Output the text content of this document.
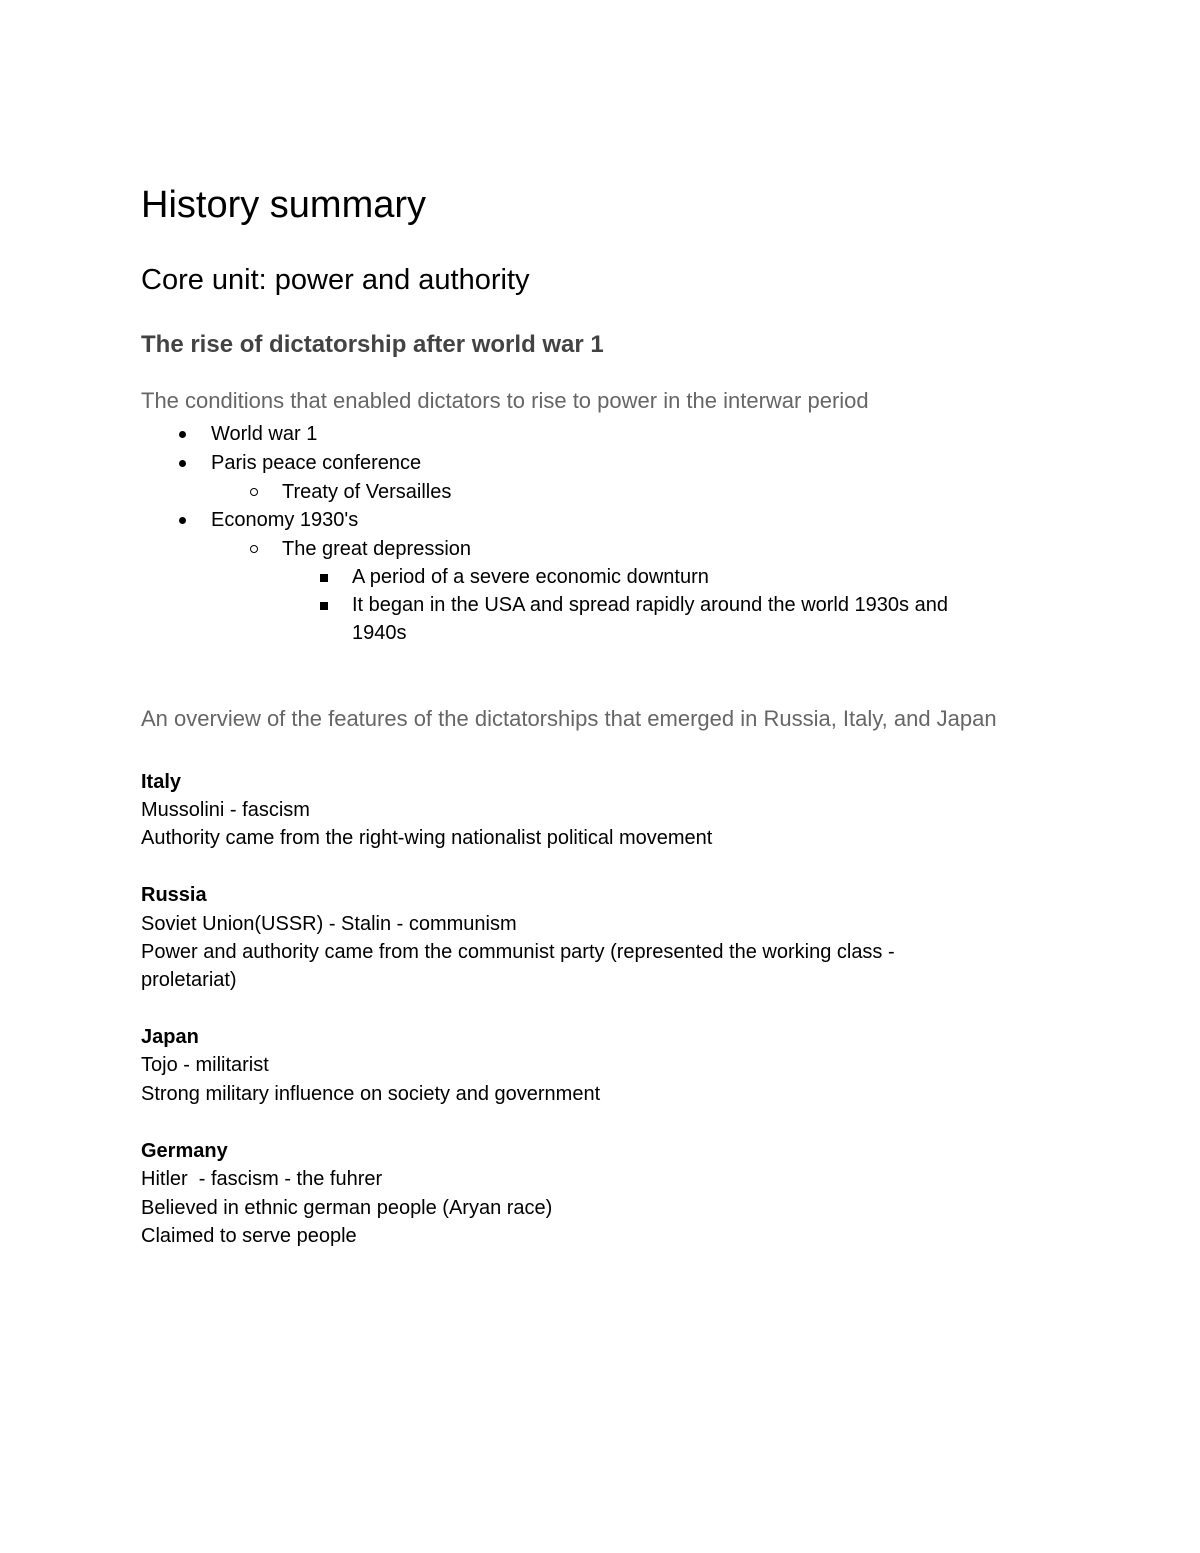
History summary
Core unit: power and authority
The rise of dictatorship after world war 1

The conditions that enabled dictators to rise to power in the interwar period

World war 1

Paris peace conference

Treaty of Versailles

Economy 1930's

The great depression

A period of a severe economic downturn

It began in the USA and spread rapidly around the world 1930s and

1940s

An overview of the features of the dictatorships that emerged in Russia, Italy, and Japan

Italy

Mussolini - fascism

Authority came from the right-wing nationalist political movement

Russia

Soviet Union(USSR) - Stalin - communism

Power and authority came from the communist party (represented the working class -

proletariat)

Japan

Tojo - militarist

Strong military influence on society and government

Germany

Hitler  - fascism - the fuhrer

Believed in ethnic german people (Aryan race)

Claimed to serve people
